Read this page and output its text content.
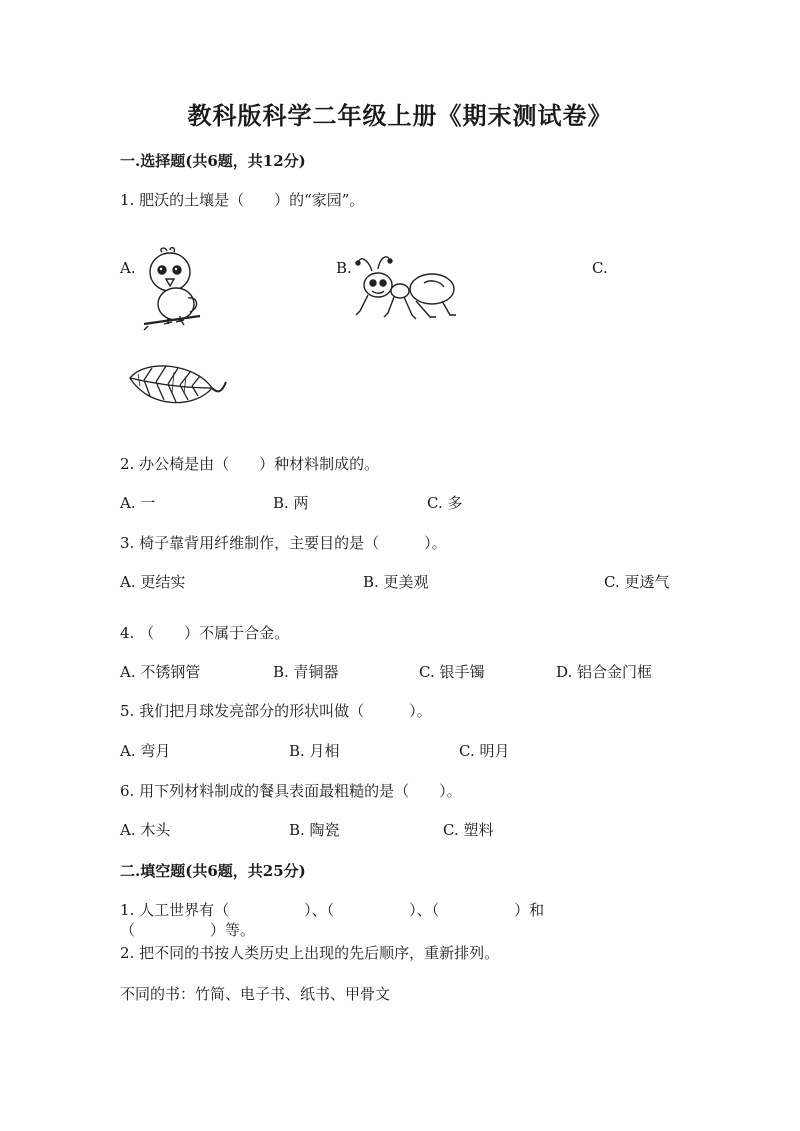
教科版科学二年级上册《期末测试卷》
一.选择题(共6题，共12分)
1. 肥沃的土壤是（　　）的“家园”。
A.	B.	C.
2. 办公椅是由（　　）种材料制成的。
A. 一	B. 两	C. 多
3. 椅子靠背用纤维制作，主要目的是（　　　）。
A. 更结实	B. 更美观	C. 更透气
4. （　　）不属于合金。
A. 不锈钢管	B. 青铜器	C. 银手镯	D. 铝合金门框
5. 我们把月球发亮部分的形状叫做（　　　）。
A. 弯月	B. 月相	C. 明月
6. 用下列材料制成的餐具表面最粗糙的是（　　）。
A. 木头	B. 陶瓷	C. 塑料
二.填空题(共6题，共25分)
1. 人工世界有（　　　　　）、（　　　　　）、（　　　　　）和
（　　　　　）等。
2. 把不同的书按人类历史上出现的先后顺序，重新排列。
不同的书：竹简、电子书、纸书、甲骨文
